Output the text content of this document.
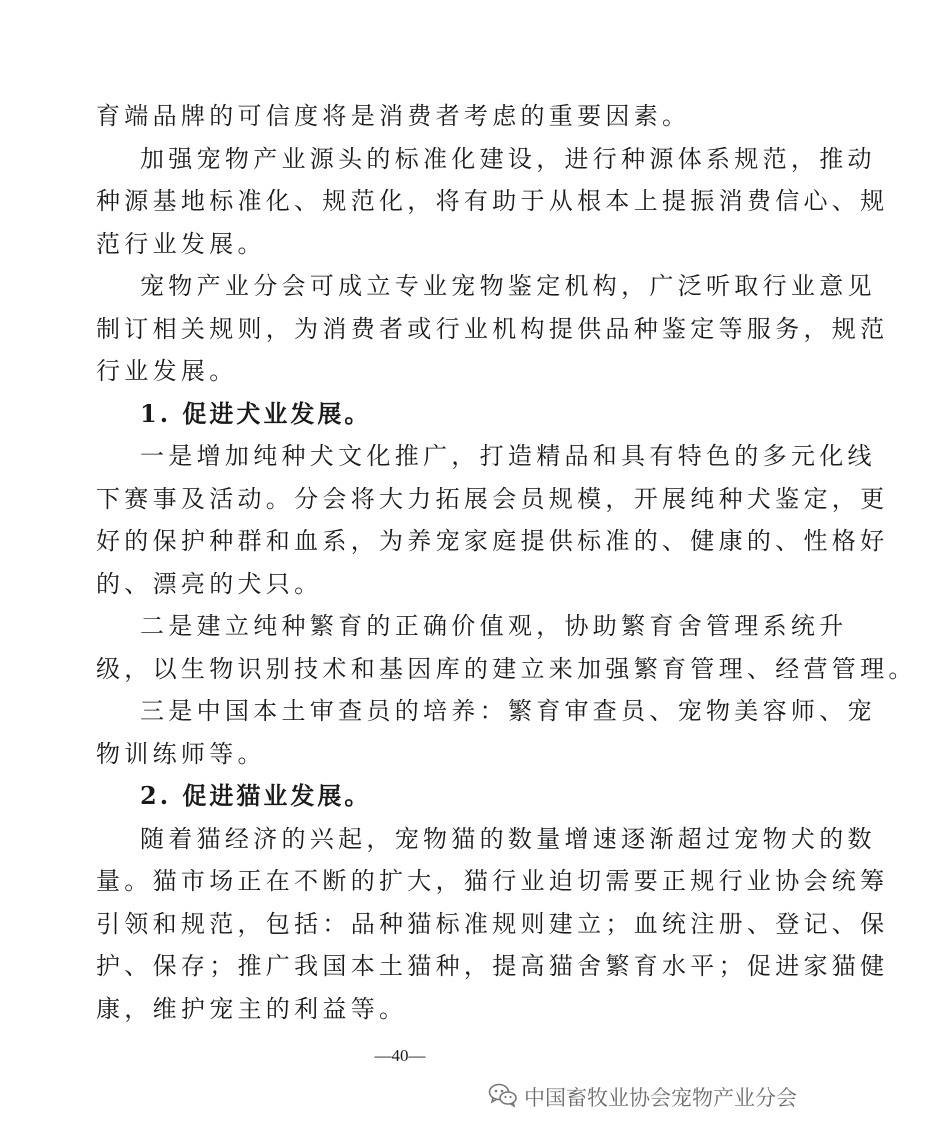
育端品牌的可信度将是消费者考虑的重要因素。
加强宠物产业源头的标准化建设，进行种源体系规范，推动
种源基地标准化、规范化，将有助于从根本上提振消费信心、规
范行业发展。
宠物产业分会可成立专业宠物鉴定机构，广泛听取行业意见
制订相关规则，为消费者或行业机构提供品种鉴定等服务，规范
行业发展。
1. 促进犬业发展。
一是增加纯种犬文化推广，打造精品和具有特色的多元化线
下赛事及活动。分会将大力拓展会员规模，开展纯种犬鉴定，更
好的保护种群和血系，为养宠家庭提供标准的、健康的、性格好
的、漂亮的犬只。
二是建立纯种繁育的正确价值观，协助繁育舍管理系统升
级，以生物识别技术和基因库的建立来加强繁育管理、经营管理。
三是中国本土审查员的培养：繁育审查员、宠物美容师、宠
物训练师等。
2. 促进猫业发展。
随着猫经济的兴起，宠物猫的数量增速逐渐超过宠物犬的数
量。猫市场正在不断的扩大，猫行业迫切需要正规行业协会统筹
引领和规范，包括：品种猫标准规则建立；血统注册、登记、保
护、保存；推广我国本土猫种，提高猫舍繁育水平；促进家猫健
康，维护宠主的利益等。
—40—
中国畜牧业协会宠物产业分会
